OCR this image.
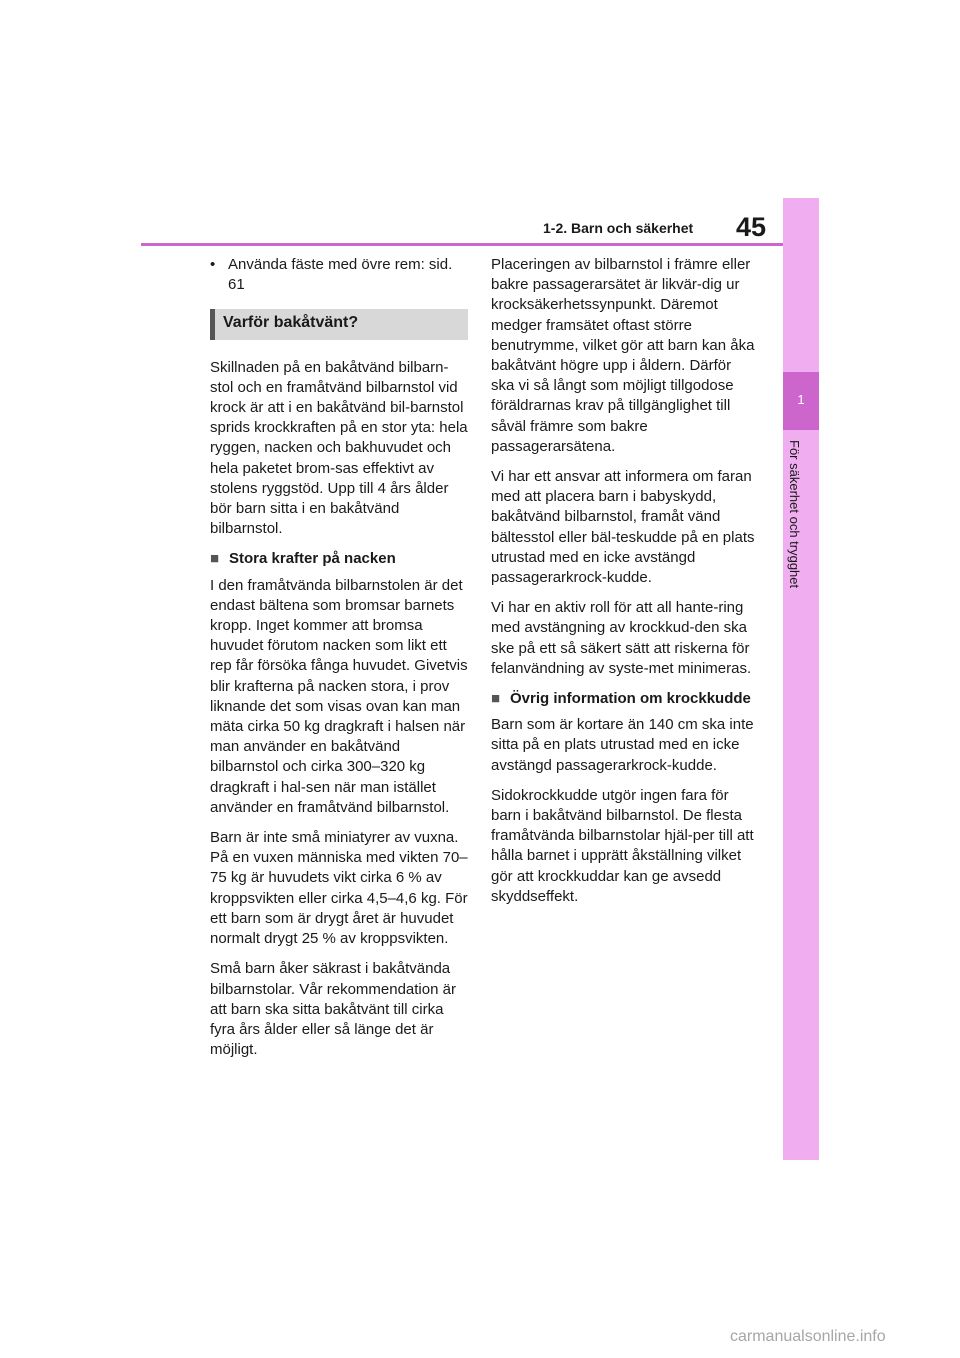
45
1-2. Barn och säkerhet
1
För säkerhet och trygghet
• Använda fäste med övre rem: sid. 61
Varför bakåtvänt?

Skillnaden på en bakåtvänd bilbarn-stol och en framåtvänd bilbarnstol vid krock är att i en bakåtvänd bil-barnstol sprids krockkraften på en stor yta: hela ryggen, nacken och bakhuvudet och hela paketet brom-sas effektivt av stolens ryggstöd. Upp till 4 års ålder bör barn sitta i en bakåtvänd bilbarnstol.

■ Stora krafter på nacken

I den framåtvända bilbarnstolen är det endast bältena som bromsar barnets kropp. Inget kommer att bromsa huvudet förutom nacken som likt ett rep får försöka fånga huvudet. Givetvis blir krafterna på nacken stora, i prov liknande det som visas ovan kan man mäta cirka 50 kg dragkraft i halsen när man använder en bakåtvänd bilbarnstol och cirka 300–320 kg dragkraft i hal-sen när man istället använder en framåtvänd bilbarnstol.

Barn är inte små miniatyrer av vuxna. På en vuxen människa med vikten 70–75 kg är huvudets vikt cirka 6 % av kroppsvikten eller cirka 4,5–4,6 kg. För ett barn som är drygt året är huvudet normalt drygt 25 % av kroppsvikten.

Små barn åker säkrast i bakåtvända bilbarnstolar. Vår rekommendation är att barn ska sitta bakåtvänt till cirka fyra års ålder eller så länge det är möjligt.

Placeringen av bilbarnstol i främre eller bakre passagerarsätet är likvär-dig ur krocksäkerhetssynpunkt. Däremot medger framsätet oftast större benutrymme, vilket gör att barn kan åka bakåtvänt högre upp i åldern. Därför ska vi så långt som möjligt tillgodose föräldrarnas krav på tillgänglighet till såväl främre som bakre passagerarsätena.

Vi har ett ansvar att informera om faran med att placera barn i babyskydd, bakåtvänd bilbarnstol, framåt vänd bältesstol eller bäl-teskudde på en plats utrustad med en icke avstängd passagerarkrock-kudde.

Vi har en aktiv roll för att all hante-ring med avstängning av krockkud-den ska ske på ett så säkert sätt att riskerna för felanvändning av syste-met minimeras.

■ Övrig information om krockkudde

Barn som är kortare än 140 cm ska inte sitta på en plats utrustad med en icke avstängd passagerarkrock-kudde.

Sidokrockkudde utgör ingen fara för barn i bakåtvänd bilbarnstol. De flesta framåtvända bilbarnstolar hjäl-per till att hålla barnet i upprätt åkställning vilket gör att krockkuddar kan ge avsedd skyddseffekt.

carmanualsonline.info
